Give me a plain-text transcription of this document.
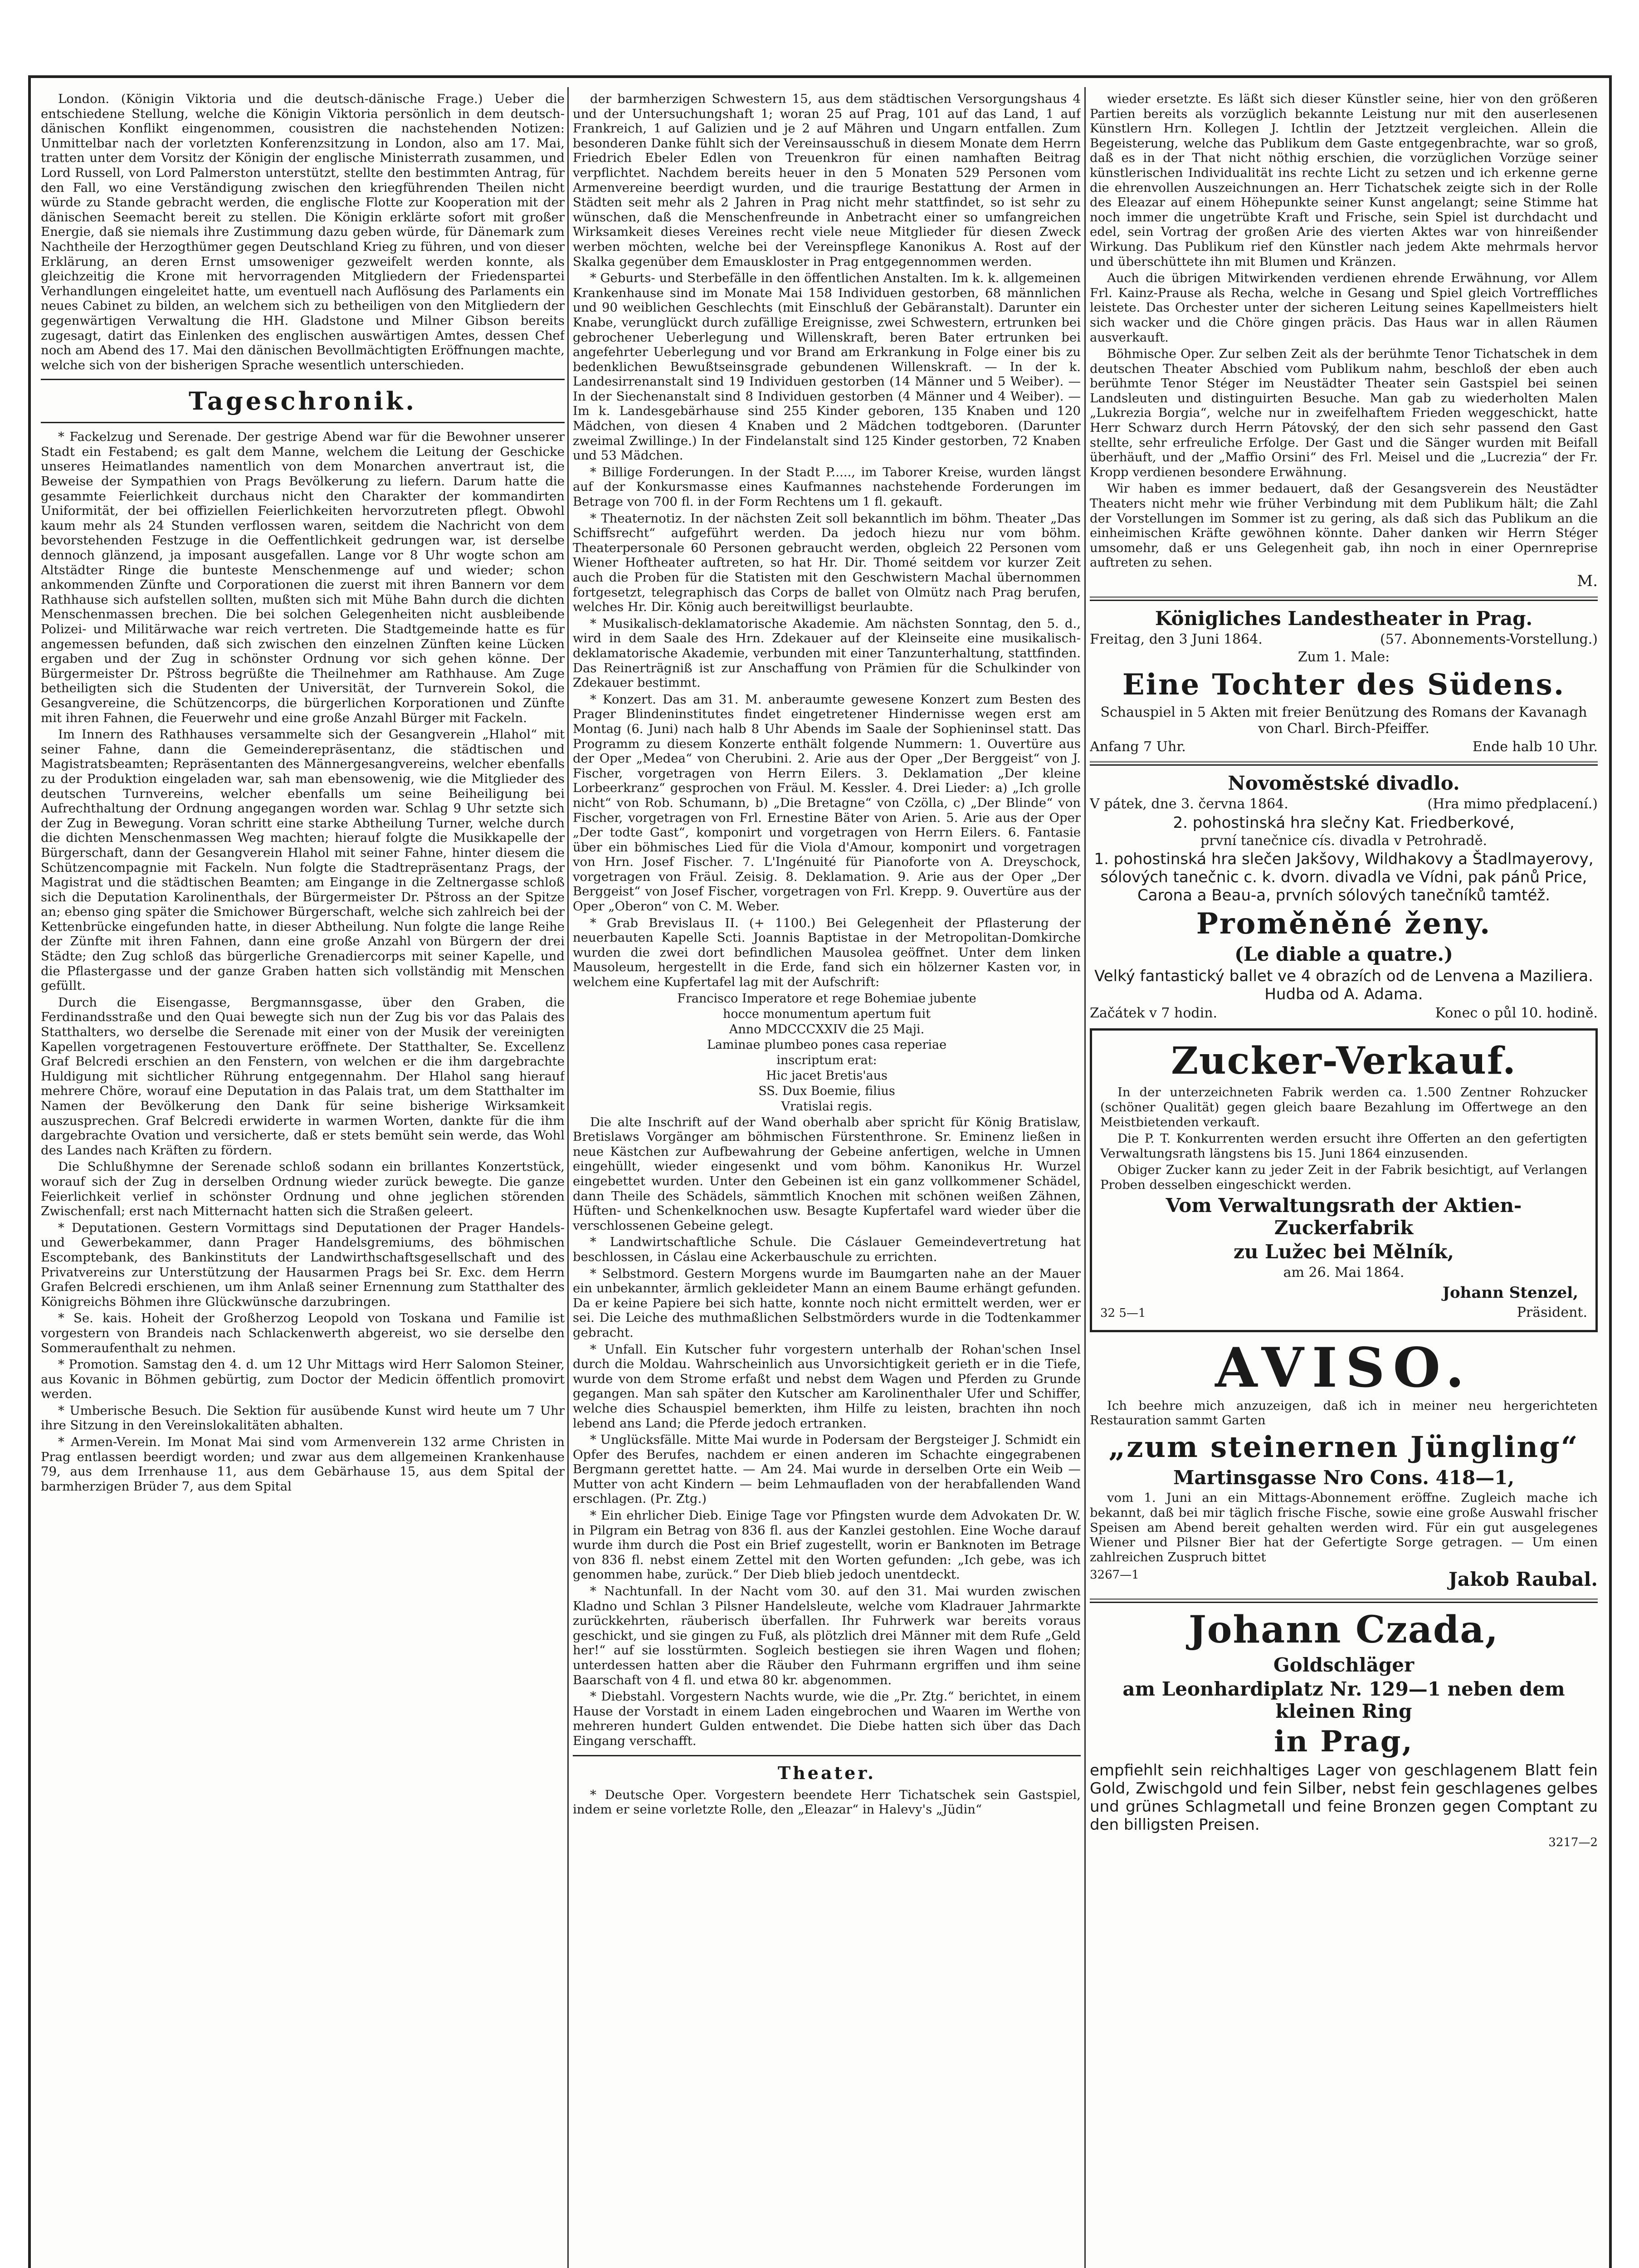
London. (Königin Viktoria und die deutsch-dänische Frage.) Ueber die entschiedene Stellung, welche die Königin Viktoria persönlich in dem deutsch-dänischen Konflikt eingenommen, cousistren die nachstehenden Notizen: Unmittelbar nach der vorletzten Konferenzsitzung in London, also am 17. Mai, tratten unter dem Vorsitz der Königin der englische Ministerrath zusammen, und Lord Russell, von Lord Palmerston unterstützt, stellte den bestimmten Antrag, für den Fall, wo eine Verständigung zwischen den kriegführenden Theilen nicht würde zu Stande gebracht werden, die englische Flotte zur Kooperation mit der dänischen Seemacht bereit zu stellen. Die Königin erklärte sofort mit großer Energie, daß sie niemals ihre Zustimmung dazu geben würde, für Dänemark zum Nachtheile der Herzogthümer gegen Deutschland Krieg zu führen, und von dieser Erklärung, an deren Ernst umsoweniger gezweifelt werden konnte, als gleichzeitig die Krone mit hervorragenden Mitgliedern der Friedenspartei Verhandlungen eingeleitet hatte, um eventuell nach Auflösung des Parlaments ein neues Cabinet zu bilden, an welchem sich zu betheiligen von den Mitgliedern der gegenwärtigen Verwaltung die HH. Gladstone und Milner Gibson bereits zugesagt, datirt das Einlenken des englischen auswärtigen Amtes, dessen Chef noch am Abend des 17. Mai den dänischen Bevollmächtigten Eröffnungen machte, welche sich von der bisherigen Sprache wesentlich unterschieden.

Tageschronik.

* Fackelzug und Serenade. Der gestrige Abend war für die Bewohner unserer Stadt ein Festabend; es galt dem Manne, welchem die Leitung der Geschicke unseres Heimatlandes namentlich von dem Monarchen anvertraut ist, die Beweise der Sympathien von Prags Bevölkerung zu liefern. Darum hatte die gesammte Feierlichkeit durchaus nicht den Charakter der kommandirten Uniformität, der bei offiziellen Feierlichkeiten hervorzutreten pflegt. Obwohl kaum mehr als 24 Stunden verflossen waren, seitdem die Nachricht von dem bevorstehenden Festzuge in die Oeffentlichkeit gedrungen war, ist derselbe dennoch glänzend, ja imposant ausgefallen. Lange vor 8 Uhr wogte schon am Altstädter Ringe die bunteste Menschenmenge auf und wieder; schon ankommenden Zünfte und Corporationen die zuerst mit ihren Bannern vor dem Rathhause sich aufstellen sollten, mußten sich mit Mühe Bahn durch die dichten Menschenmassen brechen. Die bei solchen Gelegenheiten nicht ausbleibende Polizei- und Militärwache war reich vertreten. Die Stadtgemeinde hatte es für angemessen befunden, daß sich zwischen den einzelnen Zünften keine Lücken ergaben und der Zug in schönster Ordnung vor sich gehen könne. Der Bürgermeister Dr. Pštross begrüßte die Theilnehmer am Rathhause. Am Zuge betheiligten sich die Studenten der Universität, der Turnverein Sokol, die Gesangvereine, die Schützencorps, die bürgerlichen Korporationen und Zünfte mit ihren Fahnen, die Feuerwehr und eine große Anzahl Bürger mit Fackeln.

Im Innern des Rathhauses versammelte sich der Gesangverein „Hlahol“ mit seiner Fahne, dann die Gemeinderepräsentanz, die städtischen und Magistratsbeamten; Repräsentanten des Männergesangvereins, welcher ebenfalls zu der Produktion eingeladen war, sah man ebensowenig, wie die Mitglieder des deutschen Turnvereins, welcher ebenfalls um seine Beiheiligung bei Aufrechthaltung der Ordnung angegangen worden war. Schlag 9 Uhr setzte sich der Zug in Bewegung. Voran schritt eine starke Abtheilung Turner, welche durch die dichten Menschenmassen Weg machten; hierauf folgte die Musikkapelle der Bürgerschaft, dann der Gesangverein Hlahol mit seiner Fahne, hinter diesem die Schützencompagnie mit Fackeln. Nun folgte die Stadtrepräsentanz Prags, der Magistrat und die städtischen Beamten; am Eingange in die Zeltnergasse schloß sich die Deputation Karolinenthals, der Bürgermeister Dr. Pštross an der Spitze an; ebenso ging später die Smichower Bürgerschaft, welche sich zahlreich bei der Kettenbrücke eingefunden hatte, in dieser Abtheilung. Nun folgte die lange Reihe der Zünfte mit ihren Fahnen, dann eine große Anzahl von Bürgern der drei Städte; den Zug schloß das bürgerliche Grenadiercorps mit seiner Kapelle, und die Pflastergasse und der ganze Graben hatten sich vollständig mit Menschen gefüllt.

Durch die Eisengasse, Bergmannsgasse, über den Graben, die Ferdinandsstraße und den Quai bewegte sich nun der Zug bis vor das Palais des Statthalters, wo derselbe die Serenade mit einer von der Musik der vereinigten Kapellen vorgetragenen Festouverture eröffnete. Der Statthalter, Se. Excellenz Graf Belcredi erschien an den Fenstern, von welchen er die ihm dargebrachte Huldigung mit sichtlicher Rührung entgegennahm. Der Hlahol sang hierauf mehrere Chöre, worauf eine Deputation in das Palais trat, um dem Statthalter im Namen der Bevölkerung den Dank für seine bisherige Wirksamkeit auszusprechen. Graf Belcredi erwiderte in warmen Worten, dankte für die ihm dargebrachte Ovation und versicherte, daß er stets bemüht sein werde, das Wohl des Landes nach Kräften zu fördern.

Die Schlußhymne der Serenade schloß sodann ein brillantes Konzertstück, worauf sich der Zug in derselben Ordnung wieder zurück bewegte. Die ganze Feierlichkeit verlief in schönster Ordnung und ohne jeglichen störenden Zwischenfall; erst nach Mitternacht hatten sich die Straßen geleert.

* Deputationen. Gestern Vormittags sind Deputationen der Prager Handels- und Gewerbekammer, dann Prager Handelsgremiums, des böhmischen Escomptebank, des Bankinstituts der Landwirthschaftsgesellschaft und des Privatvereins zur Unterstützung der Hausarmen Prags bei Sr. Exc. dem Herrn Grafen Belcredi erschienen, um ihm Anlaß seiner Ernennung zum Statthalter des Königreichs Böhmen ihre Glückwünsche darzubringen.

* Se. kais. Hoheit der Großherzog Leopold von Toskana und Familie ist vorgestern von Brandeis nach Schlackenwerth abgereist, wo sie derselbe den Sommeraufenthalt zu nehmen.

* Promotion. Samstag den 4. d. um 12 Uhr Mittags wird Herr Salomon Steiner, aus Kovanic in Böhmen gebürtig, zum Doctor der Medicin öffentlich promovirt werden.

* Umberische Besuch. Die Sektion für ausübende Kunst wird heute um 7 Uhr ihre Sitzung in den Vereinslokalitäten abhalten.

* Armen-Verein. Im Monat Mai sind vom Armenverein 132 arme Christen in Prag entlassen beerdigt worden; und zwar aus dem allgemeinen Krankenhause 79, aus dem Irrenhause 11, aus dem Gebärhause 15, aus dem Spital der barmherzigen Brüder 7, aus dem Spital

der barmherzigen Schwestern 15, aus dem städtischen Versorgungshaus 4 und der Untersuchungshaft 1; woran 25 auf Prag, 101 auf das Land, 1 auf Frankreich, 1 auf Galizien und je 2 auf Mähren und Ungarn entfallen. Zum besonderen Danke fühlt sich der Vereinsausschuß in diesem Monate dem Herrn Friedrich Ebeler Edlen von Treuenkron für einen namhaften Beitrag verpflichtet. Nachdem bereits heuer in den 5 Monaten 529 Personen vom Armenvereine beerdigt wurden, und die traurige Bestattung der Armen in Städten seit mehr als 2 Jahren in Prag nicht mehr stattfindet, so ist sehr zu wünschen, daß die Menschenfreunde in Anbetracht einer so umfangreichen Wirksamkeit dieses Vereines recht viele neue Mitglieder für diesen Zweck werben möchten, welche bei der Vereinspflege Kanonikus A. Rost auf der Skalka gegenüber dem Emauskloster in Prag entgegennommen werden.

* Geburts- und Sterbefälle in den öffentlichen Anstalten. Im k. k. allgemeinen Krankenhause sind im Monate Mai 158 Individuen gestorben, 68 männlichen und 90 weiblichen Geschlechts (mit Einschluß der Gebäranstalt). Darunter ein Knabe, verunglückt durch zufällige Ereignisse, zwei Schwestern, ertrunken bei gebrochener Ueberlegung und Willenskraft, beren Bater ertrunken bei angefehrter Ueberlegung und vor Brand am Erkrankung in Folge einer bis zu bedenklichen Bewußtseinsgrade gebundenen Willenskraft. — In der k. Landesirrenanstalt sind 19 Individuen gestorben (14 Männer und 5 Weiber). — In der Siechenanstalt sind 8 Individuen gestorben (4 Männer und 4 Weiber). — Im k. Landesgebärhause sind 255 Kinder geboren, 135 Knaben und 120 Mädchen, von diesen 4 Knaben und 2 Mädchen todtgeboren. (Darunter zweimal Zwillinge.) In der Findelanstalt sind 125 Kinder gestorben, 72 Knaben und 53 Mädchen.

* Billige Forderungen. In der Stadt P....., im Taborer Kreise, wurden längst auf der Konkursmasse eines Kaufmannes nachstehende Forderungen im Betrage von 700 fl. in der Form Rechtens um 1 fl. gekauft.

* Theaternotiz. In der nächsten Zeit soll bekanntlich im böhm. Theater „Das Schiffsrecht“ aufgeführt werden. Da jedoch hiezu nur vom böhm. Theaterpersonale 60 Personen gebraucht werden, obgleich 22 Personen vom Wiener Hoftheater auftreten, so hat Hr. Dir. Thomé seitdem vor kurzer Zeit auch die Proben für die Statisten mit den Geschwistern Machal übernommen fortgesetzt, telegraphisch das Corps de ballet von Olmütz nach Prag berufen, welches Hr. Dir. König auch bereitwilligst beurlaubte.

* Musikalisch-deklamatorische Akademie. Am nächsten Sonntag, den 5. d., wird in dem Saale des Hrn. Zdekauer auf der Kleinseite eine musikalisch-deklamatorische Akademie, verbunden mit einer Tanzunterhaltung, stattfinden. Das Reinerträgniß ist zur Anschaffung von Prämien für die Schulkinder von Zdekauer bestimmt.

* Konzert. Das am 31. M. anberaumte gewesene Konzert zum Besten des Prager Blindeninstitutes findet eingetretener Hindernisse wegen erst am Montag (6. Juni) nach halb 8 Uhr Abends im Saale der Sophieninsel statt. Das Programm zu diesem Konzerte enthält folgende Nummern: 1. Ouvertüre aus der Oper „Medea“ von Cherubini. 2. Arie aus der Oper „Der Berggeist“ von J. Fischer, vorgetragen von Herrn Eilers. 3. Deklamation „Der kleine Lorbeerkranz“ gesprochen von Fräul. M. Kessler. 4. Drei Lieder: a) „Ich grolle nicht“ von Rob. Schumann, b) „Die Bretagne“ von Czölla, c) „Der Blinde“ von Fischer, vorgetragen von Frl. Ernestine Bäter von Arien. 5. Arie aus der Oper „Der todte Gast“, komponirt und vorgetragen von Herrn Eilers. 6. Fantasie über ein böhmisches Lied für die Viola d'Amour, komponirt und vorgetragen von Hrn. Josef Fischer. 7. L'Ingénuité für Pianoforte von A. Dreyschock, vorgetragen von Fräul. Zeisig. 8. Deklamation. 9. Arie aus der Oper „Der Berggeist“ von Josef Fischer, vorgetragen von Frl. Krepp. 9. Ouvertüre aus der Oper „Oberon“ von C. M. Weber.

* Grab Brevislaus II. (+ 1100.) Bei Gelegenheit der Pflasterung der neuerbauten Kapelle Scti. Joannis Baptistae in der Metropolitan-Domkirche wurden die zwei dort befindlichen Mausolea geöffnet. Unter dem linken Mausoleum, hergestellt in die Erde, fand sich ein hölzerner Kasten vor, in welchem eine Kupfertafel lag mit der Aufschrift:

Francisco Imperatore et rege Bohemiae jubente
hocce monumentum apertum fuit
Anno MDCCCXXIV die 25 Maji.
Laminae plumbeo pones casa reperiae
inscriptum erat:
Hic jacet Bretis'aus
SS. Dux Boemie, filius
Vratislai regis.

Die alte Inschrift auf der Wand oberhalb aber spricht für König Bratislaw, Bretislaws Vorgänger am böhmischen Fürstenthrone. Sr. Eminenz ließen in neue Kästchen zur Aufbewahrung der Gebeine anfertigen, welche in Umnen eingehüllt, wieder eingesenkt und vom böhm. Kanonikus Hr. Wurzel eingebettet wurden. Unter den Gebeinen ist ein ganz vollkommener Schädel, dann Theile des Schädels, sämmtlich Knochen mit schönen weißen Zähnen, Hüften- und Schenkelknochen usw. Besagte Kupfertafel ward wieder über die verschlossenen Gebeine gelegt.

* Landwirtschaftliche Schule. Die Cáslauer Gemeindevertretung hat beschlossen, in Cáslau eine Ackerbauschule zu errichten.

* Selbstmord. Gestern Morgens wurde im Baumgarten nahe an der Mauer ein unbekannter, ärmlich gekleideter Mann an einem Baume erhängt gefunden. Da er keine Papiere bei sich hatte, konnte noch nicht ermittelt werden, wer er sei. Die Leiche des muthmaßlichen Selbstmörders wurde in die Todtenkammer gebracht.

* Unfall. Ein Kutscher fuhr vorgestern unterhalb der Rohan'schen Insel durch die Moldau. Wahrscheinlich aus Unvorsichtigkeit gerieth er in die Tiefe, wurde von dem Strome erfaßt und nebst dem Wagen und Pferden zu Grunde gegangen. Man sah später den Kutscher am Karolinenthaler Ufer und Schiffer, welche dies Schauspiel bemerkten, ihm Hilfe zu leisten, brachten ihn noch lebend ans Land; die Pferde jedoch ertranken.

* Unglücksfälle. Mitte Mai wurde in Podersam der Bergsteiger J. Schmidt ein Opfer des Berufes, nachdem er einen anderen im Schachte eingegrabenen Bergmann gerettet hatte. — Am 24. Mai wurde in derselben Orte ein Weib — Mutter von acht Kindern — beim Lehmaufladen von der herabfallenden Wand erschlagen. (Pr. Ztg.)

* Ein ehrlicher Dieb. Einige Tage vor Pfingsten wurde dem Advokaten Dr. W. in Pilgram ein Betrag von 836 fl. aus der Kanzlei gestohlen. Eine Woche darauf wurde ihm durch die Post ein Brief zugestellt, worin er Banknoten im Betrage von 836 fl. nebst einem Zettel mit den Worten gefunden: „Ich gebe, was ich genommen habe, zurück.“ Der Dieb blieb jedoch unentdeckt.

* Nachtunfall. In der Nacht vom 30. auf den 31. Mai wurden zwischen Kladno und Schlan 3 Pilsner Handelsleute, welche vom Kladrauer Jahrmarkte zurückkehrten, räuberisch überfallen. Ihr Fuhrwerk war bereits voraus geschickt, und sie gingen zu Fuß, als plötzlich drei Männer mit dem Rufe „Geld her!“ auf sie losstürmten. Sogleich bestiegen sie ihren Wagen und flohen; unterdessen hatten aber die Räuber den Fuhrmann ergriffen und ihm seine Baarschaft von 4 fl. und etwa 80 kr. abgenommen.

* Diebstahl. Vorgestern Nachts wurde, wie die „Pr. Ztg.“ berichtet, in einem Hause der Vorstadt in einem Laden eingebrochen und Waaren im Werthe von mehreren hundert Gulden entwendet. Die Diebe hatten sich über das Dach Eingang verschafft.

Theater.

* Deutsche Oper. Vorgestern beendete Herr Tichatschek sein Gastspiel, indem er seine vorletzte Rolle, den „Eleazar“ in Halevy's „Jüdin“

wieder ersetzte. Es läßt sich dieser Künstler seine, hier von den größeren Partien bereits als vorzüglich bekannte Leistung nur mit den auserlesenen Künstlern Hrn. Kollegen J. Ichtlin der Jetztzeit vergleichen. Allein die Begeisterung, welche das Publikum dem Gaste entgegenbrachte, war so groß, daß es in der That nicht nöthig erschien, die vorzüglichen Vorzüge seiner künstlerischen Individualität ins rechte Licht zu setzen und ich erkenne gerne die ehrenvollen Auszeichnungen an. Herr Tichatschek zeigte sich in der Rolle des Eleazar auf einem Höhepunkte seiner Kunst angelangt; seine Stimme hat noch immer die ungetrübte Kraft und Frische, sein Spiel ist durchdacht und edel, sein Vortrag der großen Arie des vierten Aktes war von hinreißender Wirkung. Das Publikum rief den Künstler nach jedem Akte mehrmals hervor und überschüttete ihn mit Blumen und Kränzen.

Auch die übrigen Mitwirkenden verdienen ehrende Erwähnung, vor Allem Frl. Kainz-Prause als Recha, welche in Gesang und Spiel gleich Vortreffliches leistete. Das Orchester unter der sicheren Leitung seines Kapellmeisters hielt sich wacker und die Chöre gingen präcis. Das Haus war in allen Räumen ausverkauft.

Böhmische Oper. Zur selben Zeit als der berühmte Tenor Tichatschek in dem deutschen Theater Abschied vom Publikum nahm, beschloß der eben auch berühmte Tenor Stéger im Neustädter Theater sein Gastspiel bei seinen Landsleuten und distinguirten Besuche. Man gab zu wiederholten Malen „Lukrezia Borgia“, welche nur in zweifelhaftem Frieden weggeschickt, hatte Herr Schwarz durch Herrn Pátovský, der den sich sehr passend den Gast stellte, sehr erfreuliche Erfolge. Der Gast und die Sänger wurden mit Beifall überhäuft, und der „Maffio Orsini“ des Frl. Meisel und die „Lucrezia“ der Fr. Kropp verdienen besondere Erwähnung.

Wir haben es immer bedauert, daß der Gesangsverein des Neustädter Theaters nicht mehr wie früher Verbindung mit dem Publikum hält; die Zahl der Vorstellungen im Sommer ist zu gering, als daß sich das Publikum an die einheimischen Kräfte gewöhnen könnte. Daher danken wir Herrn Stéger umsomehr, daß er uns Gelegenheit gab, ihn noch in einer Opernreprise auftreten zu sehen.

M.
Königliches Landestheater in Prag.
Freitag, den 3 Juni 1864.	(57. Abonnements-Vorstellung.)
Zum 1. Male:
Eine Tochter des Südens.
Schauspiel in 5 Akten mit freier Benützung des Romans der Kavanagh von Charl. Birch-Pfeiffer.
Anfang 7 Uhr.	Ende halb 10 Uhr.
Novoměstské divadlo.
V pátek, dne 3. června 1864.	(Hra mimo předplacení.)
2. pohostinská hra slečny Kat. Friedberkové,
první tanečnice cís. divadla v Petrohradě.
1. pohostinská hra slečen Jakšovy, Wildhakovy a Štadlmayerovy, sólových tanečnic c. k. dvorn. divadla ve Vídni, pak pánů Price, Carona a Beau-a, prvních sólových tanečníků tamtéž.
Proměněné ženy.
(Le diable a quatre.)
Velký fantastický ballet ve 4 obrazích od de Lenvena a Maziliera. Hudba od A. Adama.
Začátek v 7 hodin.	Konec o půl 10. hodině.
Zucker-Verkauf.

In der unterzeichneten Fabrik werden ca. 1.500 Zentner Rohzucker (schöner Qualität) gegen gleich baare Bezahlung im Offertwege an den Meistbietenden verkauft.

Die P. T. Konkurrenten werden ersucht ihre Offerten an den gefertigten Verwaltungsrath längstens bis 15. Juni 1864 einzusenden.

Obiger Zucker kann zu jeder Zeit in der Fabrik besichtigt, auf Verlangen Proben desselben eingeschickt werden.

Vom Verwaltungsrath der Aktien-Zuckerfabrik
zu Lužec bei Mělník,
am 26. Mai 1864.
Johann Stenzel,
32 5—1	Präsident.
AVISO.

Ich beehre mich anzuzeigen, daß ich in meiner neu hergerichteten Restauration sammt Garten

„zum steinernen Jüngling“
Martinsgasse Nro Cons. 418—1,

vom 1. Juni an ein Mittags-Abonnement eröffne. Zugleich mache ich bekannt, daß bei mir täglich frische Fische, sowie eine große Auswahl frischer Speisen am Abend bereit gehalten werden wird. Für ein gut ausgelegenes Wiener und Pilsner Bier hat der Gefertigte Sorge getragen. — Um einen zahlreichen Zuspruch bittet

3267—1	Jakob Raubal.
Johann Czada,
Goldschläger
am Leonhardiplatz Nr. 129—1 neben dem kleinen Ring
in Prag,
empfiehlt sein reichhaltiges Lager von geschlagenem Blatt fein Gold, Zwischgold und fein Silber, nebst fein geschlagenes gelbes und grünes Schlagmetall und feine Bronzen gegen Comptant zu den billigsten Preisen.
3217—2
